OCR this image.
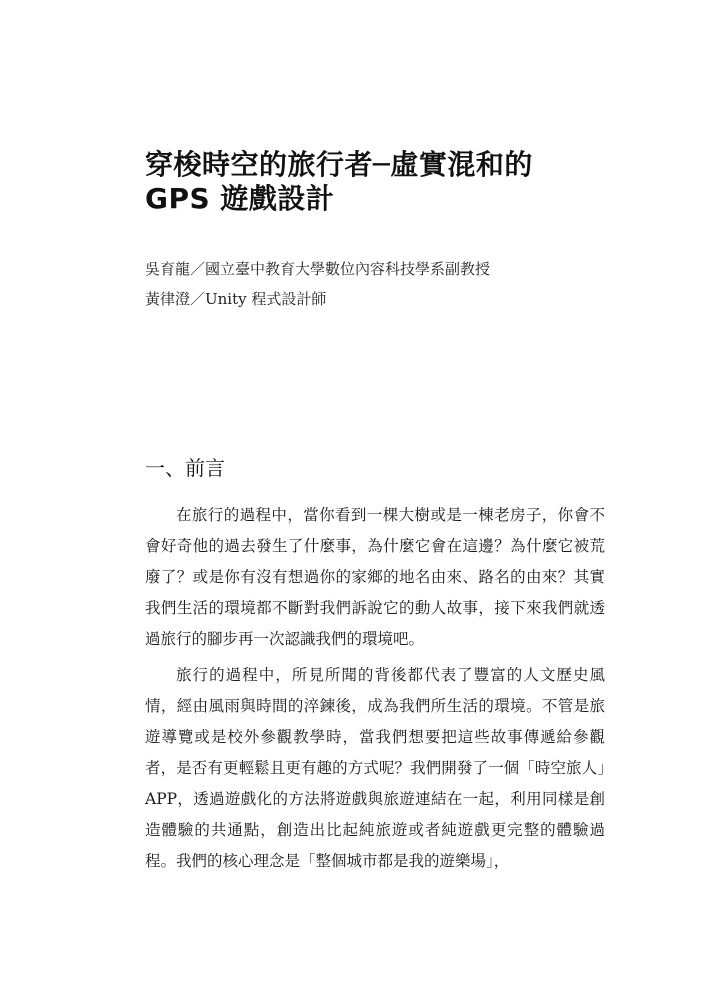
穿梭時空的旅行者─虛實混和的
GPS 遊戲設計
吳育龍／國立臺中教育大學數位內容科技學系副教授
黃律澄／Unity 程式設計師
一、前言

在旅行的過程中，當你看到一棵大樹或是一棟老房子，你會不會好奇他的過去發生了什麼事，為什麼它會在這邊？為什麼它被荒廢了？或是你有沒有想過你的家鄉的地名由來、路名的由來？其實我們生活的環境都不斷對我們訴說它的動人故事，接下來我們就透過旅行的腳步再一次認識我們的環境吧。

旅行的過程中，所見所聞的背後都代表了豐富的人文歷史風情，經由風雨與時間的淬鍊後，成為我們所生活的環境。不管是旅遊導覽或是校外參觀教學時，當我們想要把這些故事傳遞給參觀者，是否有更輕鬆且更有趣的方式呢？我們開發了一個「時空旅人」APP，透過遊戲化的方法將遊戲與旅遊連結在一起，利用同樣是創造體驗的共通點，創造出比起純旅遊或者純遊戲更完整的體驗過程。我們的核心理念是「整個城市都是我的遊樂場」，
